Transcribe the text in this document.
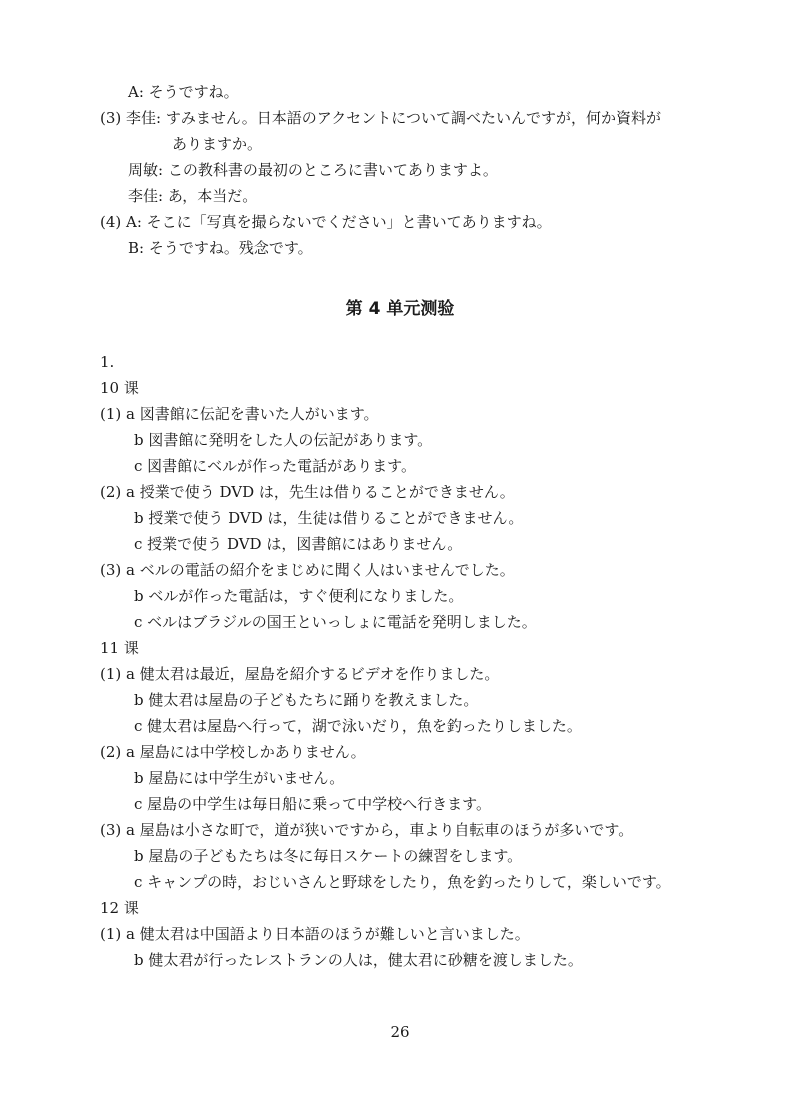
A: そうですね。
(3) 李佳: すみません。日本語のアクセントについて調べたいんですが，何か資料が
ありますか。
周敏: この教科書の最初のところに書いてありますよ。
李佳: あ，本当だ。
(4) A: そこに「写真を撮らないでください」と書いてありますね。
B: そうですね。残念です。
第 4 单元测验
1.
10 课
(1) a 図書館に伝記を書いた人がいます。
b 図書館に発明をした人の伝記があります。
c 図書館にベルが作った電話があります。
(2) a 授業で使う DVD は，先生は借りることができません。
b 授業で使う DVD は，生徒は借りることができません。
c 授業で使う DVD は，図書館にはありません。
(3) a ベルの電話の紹介をまじめに聞く人はいませんでした。
b ベルが作った電話は，すぐ便利になりました。
c ベルはブラジルの国王といっしょに電話を発明しました。
11 课
(1) a 健太君は最近，屋島を紹介するビデオを作りました。
b 健太君は屋島の子どもたちに踊りを教えました。
c 健太君は屋島へ行って，湖で泳いだり，魚を釣ったりしました。
(2) a 屋島には中学校しかありません。
b 屋島には中学生がいません。
c 屋島の中学生は毎日船に乗って中学校へ行きます。
(3) a 屋島は小さな町で，道が狭いですから，車より自転車のほうが多いです。
b 屋島の子どもたちは冬に毎日スケートの練習をします。
c キャンプの時，おじいさんと野球をしたり，魚を釣ったりして，楽しいです。
12 课
(1) a 健太君は中国語より日本語のほうが難しいと言いました。
b 健太君が行ったレストランの人は，健太君に砂糖を渡しました。
26
